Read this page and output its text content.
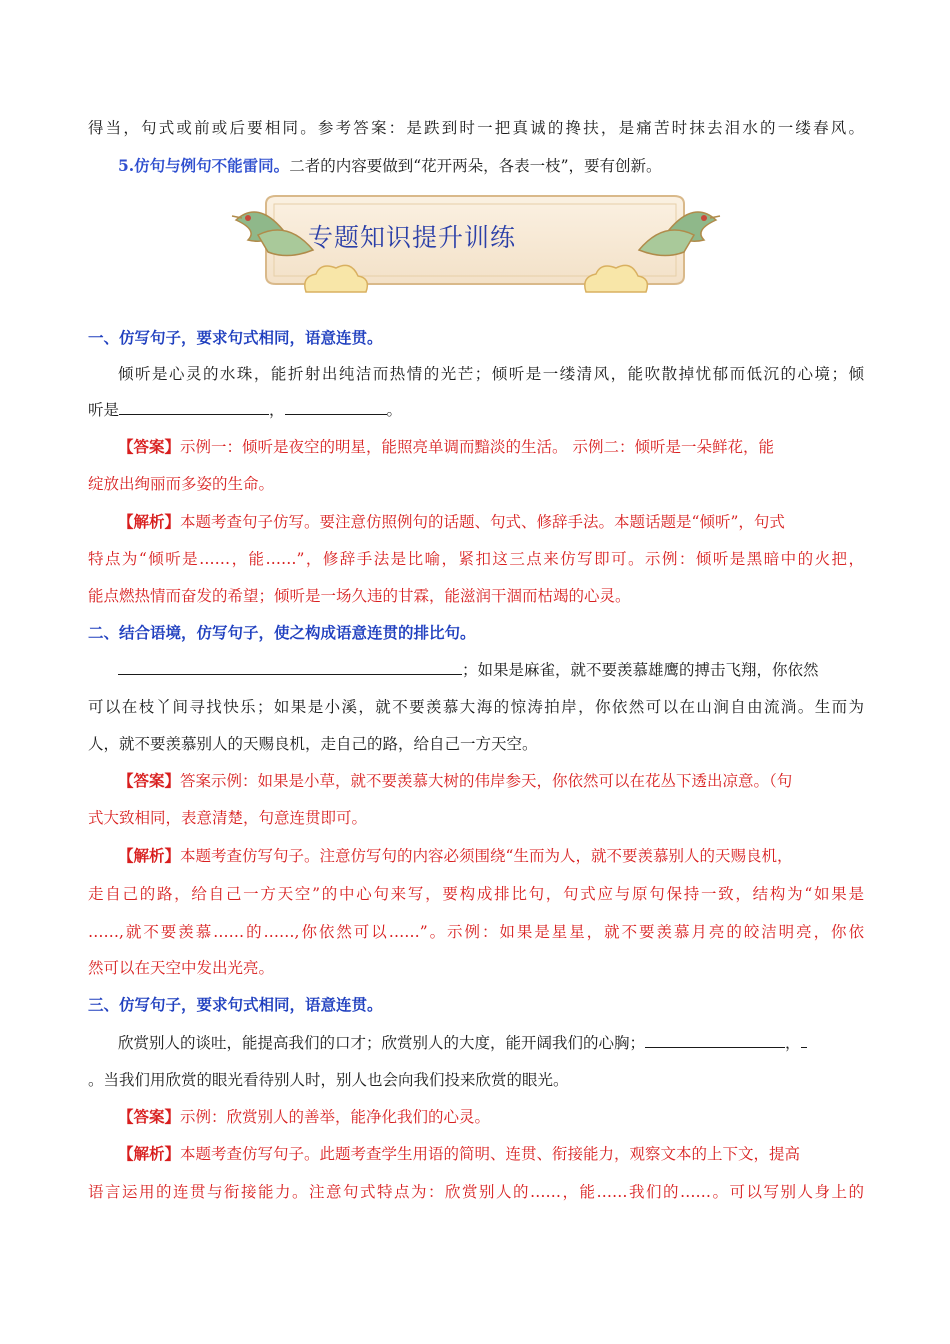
得当，句式或前或后要相同。参考答案：是跌到时一把真诚的搀扶，是痛苦时抹去泪水的一缕春风。
5.仿句与例句不能雷同。二者的内容要做到“花开两朵，各表一枝”，要有创新。
专题知识提升训练
一、仿写句子，要求句式相同，语意连贯。
倾听是心灵的水珠，能折射出纯洁而热情的光芒；倾听是一缕清风，能吹散掉忧郁而低沉的心境；倾
听是	，	。
【答案】示例一：倾听是夜空的明星，能照亮单调而黯淡的生活。 示例二：倾听是一朵鲜花，能
绽放出绚丽而多姿的生命。
【解析】本题考查句子仿写。要注意仿照例句的话题、句式、修辞手法。本题话题是“倾听”，句式
特点为“倾听是……，能……”，修辞手法是比喻，紧扣这三点来仿写即可。示例：倾听是黑暗中的火把，
能点燃热情而奋发的希望；倾听是一场久违的甘霖，能滋润干涸而枯竭的心灵。
二、结合语境，仿写句子，使之构成语意连贯的排比句。
；如果是麻雀，就不要羡慕雄鹰的搏击飞翔，你依然
可以在枝丫间寻找快乐；如果是小溪，就不要羡慕大海的惊涛拍岸，你依然可以在山涧自由流淌。生而为
人，就不要羡慕别人的天赐良机，走自己的路，给自己一方天空。
【答案】答案示例：如果是小草，就不要羡慕大树的伟岸参天，你依然可以在花丛下透出凉意。（句
式大致相同，表意清楚，句意连贯即可。
【解析】本题考查仿写句子。注意仿写句的内容必须围绕“生而为人，就不要羡慕别人的天赐良机，
走自己的路，给自己一方天空”的中心句来写，要构成排比句，句式应与原句保持一致，结构为“如果是
……,就不要羡慕……的……,你依然可以……”。示例：如果是星星，就不要羡慕月亮的皎洁明亮，你依
然可以在天空中发出光亮。
三、仿写句子，要求句式相同，语意连贯。
欣赏别人的谈吐，能提高我们的口才；欣赏别人的大度，能开阔我们的心胸；	，
。当我们用欣赏的眼光看待别人时，别人也会向我们投来欣赏的眼光。
【答案】示例：欣赏别人的善举，能净化我们的心灵。
【解析】本题考查仿写句子。此题考查学生用语的简明、连贯、衔接能力，观察文本的上下文，提高
语言运用的连贯与衔接能力。注意句式特点为：欣赏别人的……，能……我们的……。可以写别人身上的
